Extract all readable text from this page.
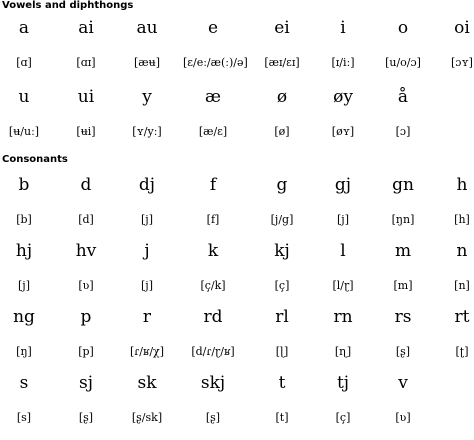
Vowels and diphthongs
a	ai	au	e	ei	i	o	oi
[ɑ]	[ɑɪ]	[æʉ]	[ɛ/eː/æ(ː)/ə]	[æɪ/ɛɪ]	[ɪ/iː]	[u/o/ɔ]	[ɔʏ]
u	ui	y	æ	ø	øy	å
[ʉ/uː]	[ʉi]	[ʏ/yː]	[æ/ɛ]	[ø]	[øʏ]	[ɔ]
Consonants
b	d	dj	f	g	gj	gn	h
[b]	[d]	[j]	[f]	[j/g]	[j]	[ŋn]	[h]
hj	hv	j	k	kj	l	m	n
[j]	[ʋ]	[j]	[ç/k]	[ç]	[l/ɽ]	[m]	[n]
ng	p	r	rd	rl	rn	rs	rt
[ŋ]	[p]	[ɾ/ʁ/χ]	[d/ɾ/ɽ/ʁ]	[ɭ]	[ɳ]	[ʂ]	[ʈ]
s	sj	sk	skj	t	tj	v
[s]	[ʂ]	[ʂ/sk]	[ʂ]	[t]	[ç]	[ʋ]
